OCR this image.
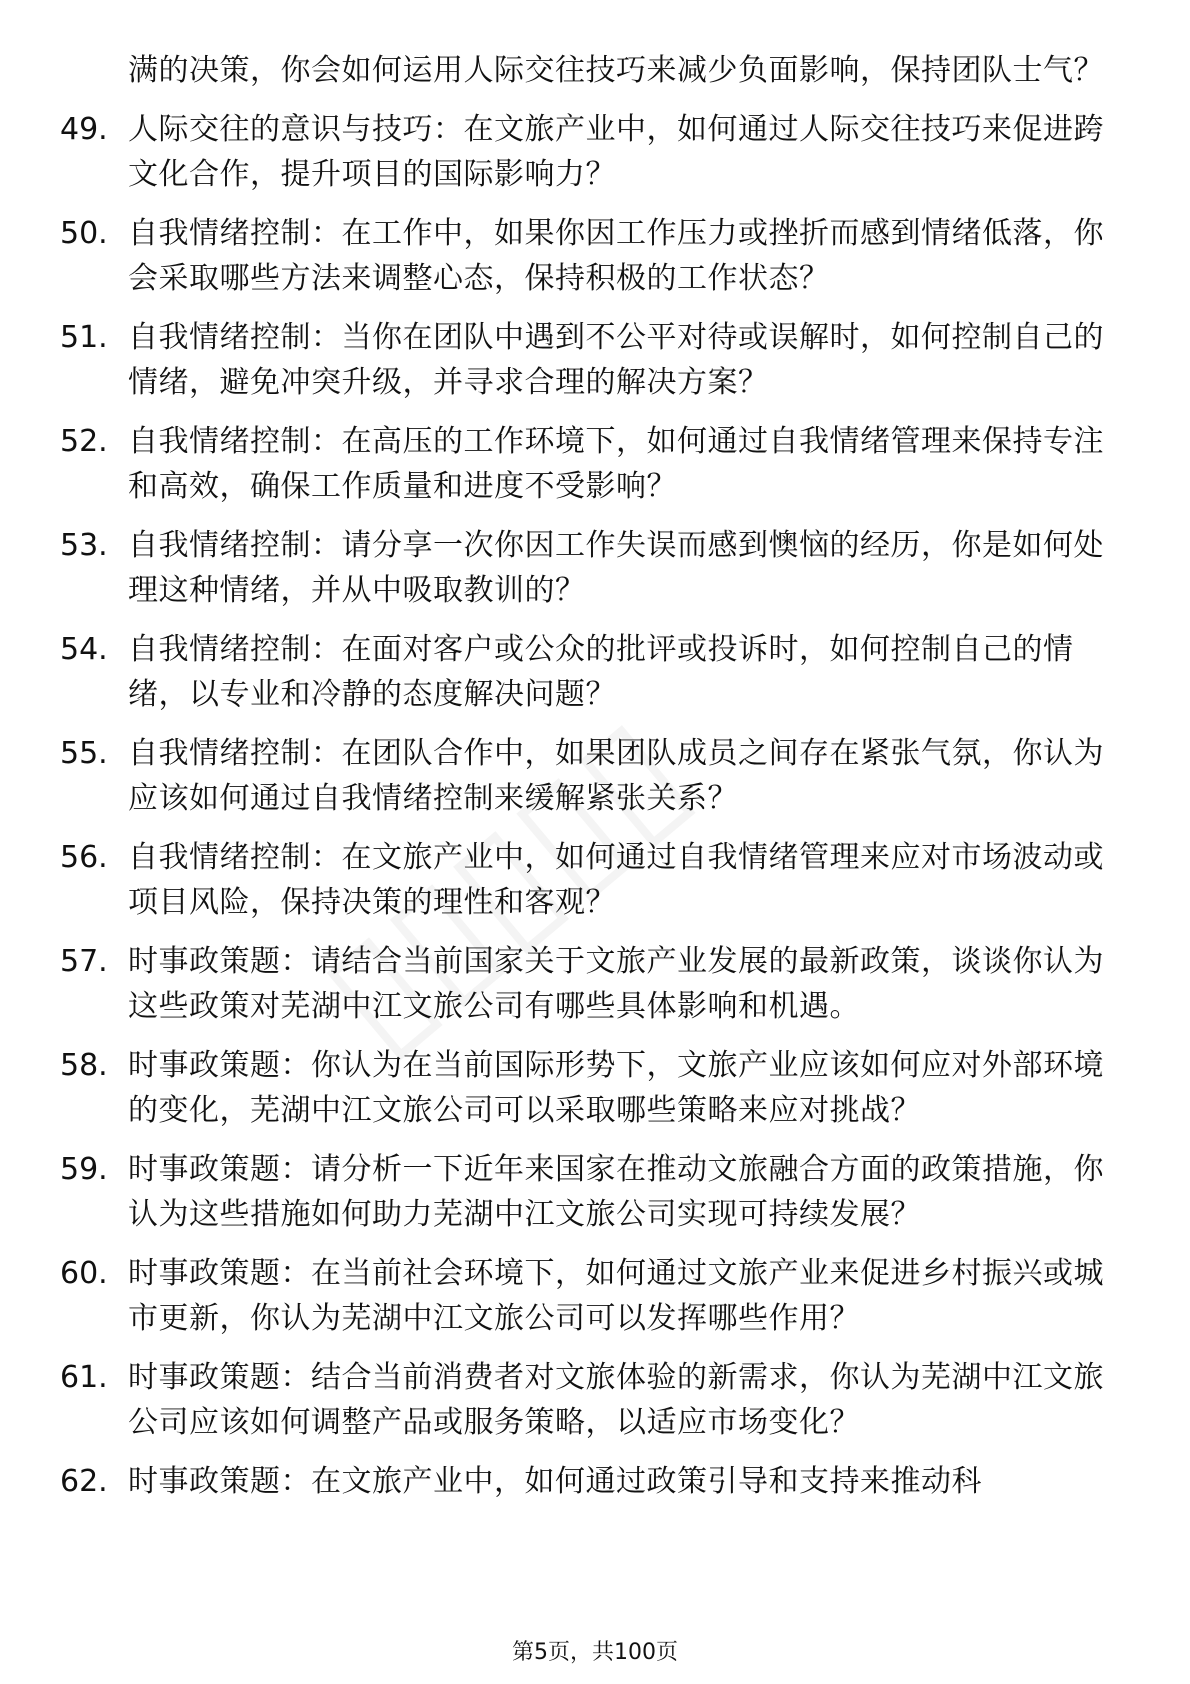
满的决策，你会如何运用人际交往技巧来减少负面影响，保持团队士气？
49. 人际交往的意识与技巧：在文旅产业中，如何通过人际交往技巧来促进跨文化合作，提升项目的国际影响力？
50. 自我情绪控制：在工作中，如果你因工作压力或挫折而感到情绪低落，你会采取哪些方法来调整心态，保持积极的工作状态？
51. 自我情绪控制：当你在团队中遇到不公平对待或误解时，如何控制自己的情绪，避免冲突升级，并寻求合理的解决方案？
52. 自我情绪控制：在高压的工作环境下，如何通过自我情绪管理来保持专注和高效，确保工作质量和进度不受影响？
53. 自我情绪控制：请分享一次你因工作失误而感到懊恼的经历，你是如何处理这种情绪，并从中吸取教训的？
54. 自我情绪控制：在面对客户或公众的批评或投诉时，如何控制自己的情绪，以专业和冷静的态度解决问题？
55. 自我情绪控制：在团队合作中，如果团队成员之间存在紧张气氛，你认为应该如何通过自我情绪控制来缓解紧张关系？
56. 自我情绪控制：在文旅产业中，如何通过自我情绪管理来应对市场波动或项目风险，保持决策的理性和客观？
57. 时事政策题：请结合当前国家关于文旅产业发展的最新政策，谈谈你认为这些政策对芜湖中江文旅公司有哪些具体影响和机遇。
58. 时事政策题：你认为在当前国际形势下，文旅产业应该如何应对外部环境的变化，芜湖中江文旅公司可以采取哪些策略来应对挑战？
59. 时事政策题：请分析一下近年来国家在推动文旅融合方面的政策措施，你认为这些措施如何助力芜湖中江文旅公司实现可持续发展？
60. 时事政策题：在当前社会环境下，如何通过文旅产业来促进乡村振兴或城市更新，你认为芜湖中江文旅公司可以发挥哪些作用？
61. 时事政策题：结合当前消费者对文旅体验的新需求，你认为芜湖中江文旅公司应该如何调整产品或服务策略，以适应市场变化？
62. 时事政策题：在文旅产业中，如何通过政策引导和支持来推动科
第5页，共100页
